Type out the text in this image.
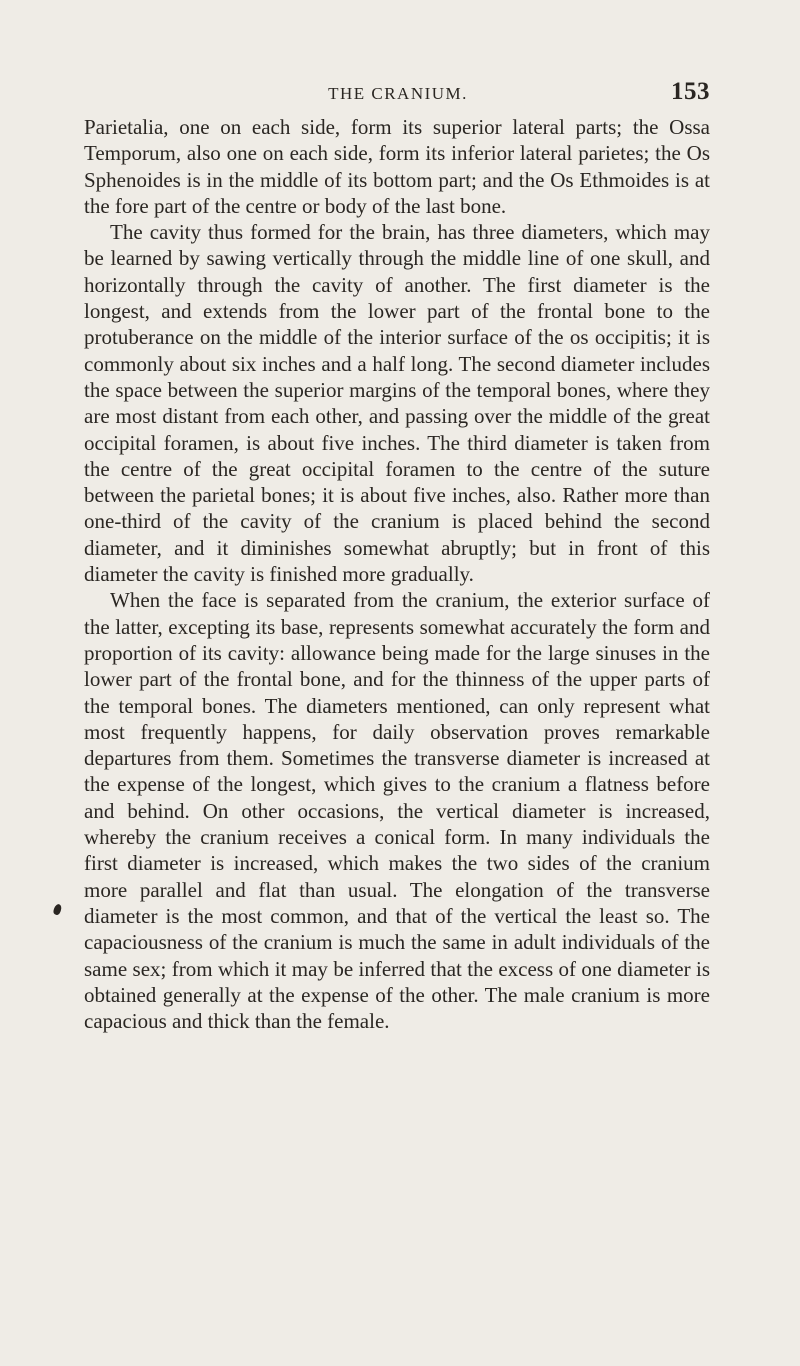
THE CRANIUM.	153

Parietalia, one on each side, form its superior lateral parts; the Ossa Temporum, also one on each side, form its inferior lateral parietes; the Os Sphenoides is in the middle of its bottom part; and the Os Ethmoides is at the fore part of the centre or body of the last bone.

The cavity thus formed for the brain, has three diameters, which may be learned by sawing vertically through the middle line of one skull, and horizontally through the cavity of another. The first diameter is the longest, and extends from the lower part of the frontal bone to the protuberance on the middle of the interior surface of the os occipitis; it is commonly about six inches and a half long. The second diameter includes the space between the superior margins of the temporal bones, where they are most distant from each other, and passing over the middle of the great occipital foramen, is about five inches. The third diameter is taken from the centre of the great occipital foramen to the centre of the suture between the parietal bones; it is about five inches, also. Rather more than one-third of the cavity of the cranium is placed behind the second diameter, and it diminishes somewhat abruptly; but in front of this diameter the cavity is finished more gradually.

When the face is separated from the cranium, the exterior surface of the latter, excepting its base, represents somewhat accurately the form and proportion of its cavity: allowance being made for the large sinuses in the lower part of the frontal bone, and for the thinness of the upper parts of the temporal bones. The diameters mentioned, can only represent what most frequently happens, for daily observation proves remarkable departures from them. Sometimes the transverse diameter is increased at the expense of the longest, which gives to the cranium a flatness before and behind. On other occasions, the vertical diameter is increased, whereby the cranium receives a conical form. In many individuals the first diameter is increased, which makes the two sides of the cranium more parallel and flat than usual. The elongation of the transverse diameter is the most common, and that of the vertical the least so. The capaciousness of the cranium is much the same in adult individuals of the same sex; from which it may be inferred that the excess of one diameter is obtained generally at the expense of the other. The male cranium is more capacious and thick than the female.
